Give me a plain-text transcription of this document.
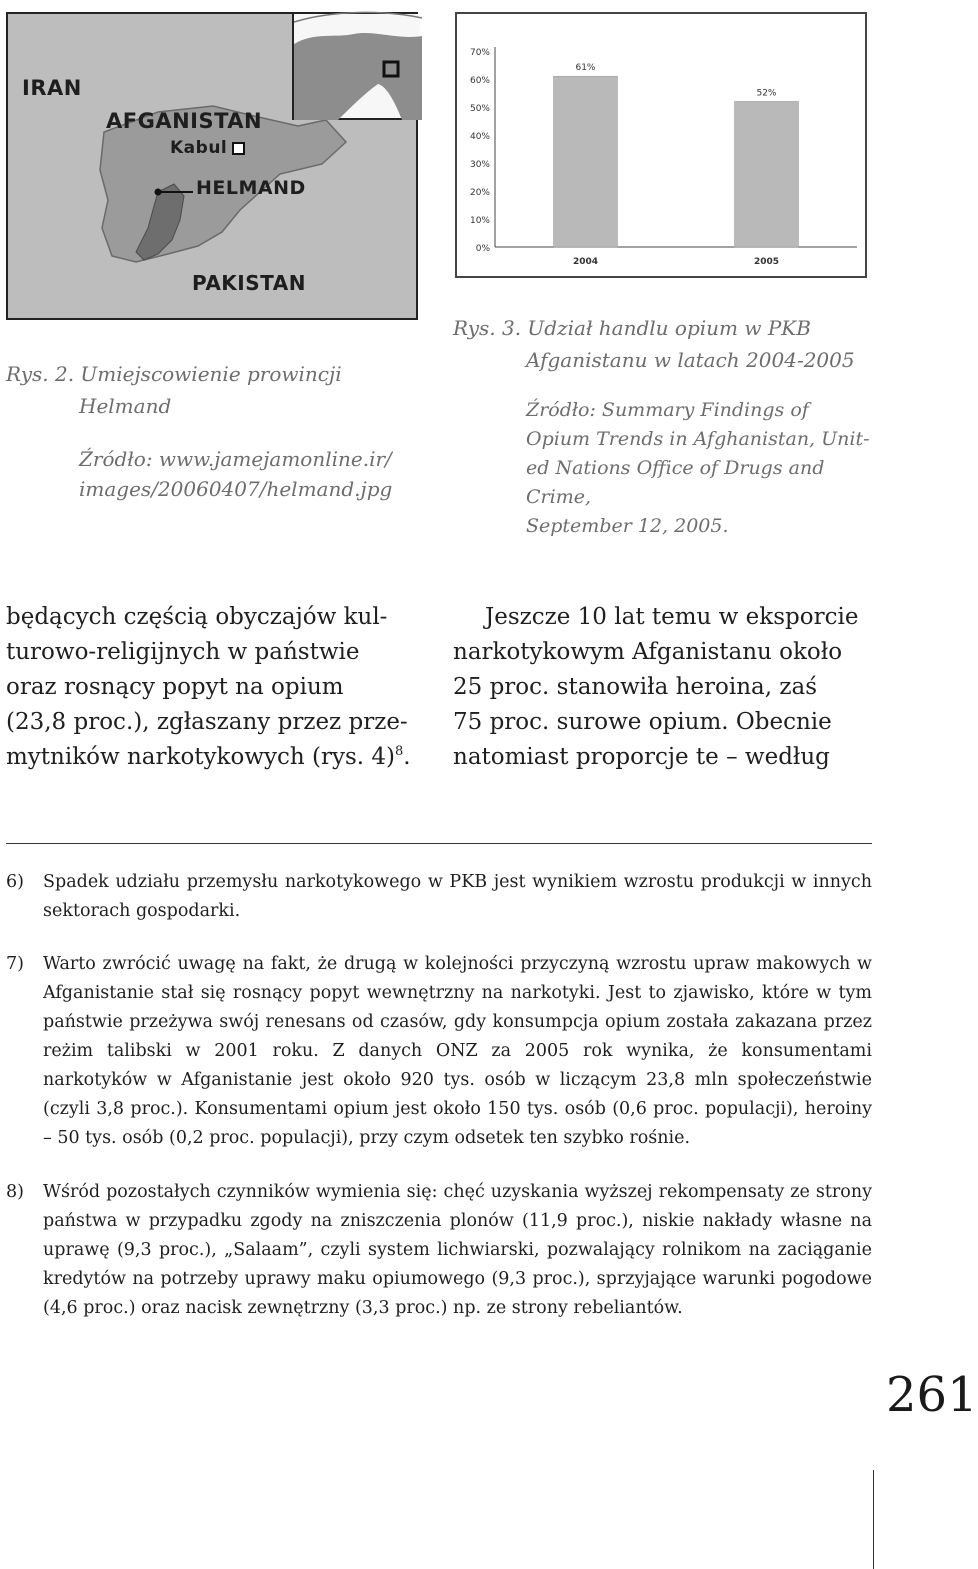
IRAN
AFGANISTAN
Kabul
HELMAND
PAKISTAN
0%
10%
20%
30%
40%
50%
60%
70%
61%
2004
52%
2005
Rys. 2. Umiejscowienie prowincji
Helmand
Źródło: www.jamejamonline.ir/
images/20060407/helmand.jpg
Rys. 3. Udział handlu opium w PKB
Afganistanu w latach 2004-2005
Źródło: Summary Findings of
Opium Trends in Afghanistan, Unit-
ed Nations Office of Drugs and Crime,
September 12, 2005.
będących częścią obyczajów kul-
turowo-religijnych w państwie
oraz rosnący popyt na opium
(23,8 proc.), zgłaszany przez prze-
mytników narkotykowych (rys. 4)$^8$.
Jeszcze 10 lat temu w eksporcie
narkotykowym Afganistanu około
25 proc. stanowiła heroina, zaś
75 proc. surowe opium. Obecnie
natomiast proporcje te – według
6)	Spadek udziału przemysłu narkotykowego w PKB jest wynikiem wzrostu produkcji w innych sektorach gospodarki.
7)	Warto zwrócić uwagę na fakt, że drugą w kolejności przyczyną wzrostu upraw makowych w Afganistanie stał się rosnący popyt wewnętrzny na narkotyki. Jest to zjawisko, które w tym państwie przeżywa swój renesans od czasów, gdy konsumpcja opium została zakazana przez reżim talibski w 2001 roku. Z danych ONZ za 2005 rok wynika, że konsumentami narkotyków w Afganistanie jest około 920 tys. osób w liczącym 23,8 mln społeczeństwie (czyli 3,8 proc.). Konsumentami opium jest około 150 tys. osób (0,6 proc. populacji), heroiny – 50 tys. osób (0,2 proc. populacji), przy czym odsetek ten szybko rośnie.
8)	Wśród pozostałych czynników wymienia się: chęć uzyskania wyższej rekompensaty ze strony państwa w przypadku zgody na zniszczenia plonów (11,9 proc.), niskie nakłady własne na uprawę (9,3 proc.), „Salaam”, czyli system lichwiarski, pozwalający rolnikom na zaciąganie kredytów na potrzeby uprawy maku opiumowego (9,3 proc.), sprzyjające warunki pogodowe (4,6 proc.) oraz nacisk zewnętrzny (3,3 proc.) np. ze strony rebeliantów.
261
